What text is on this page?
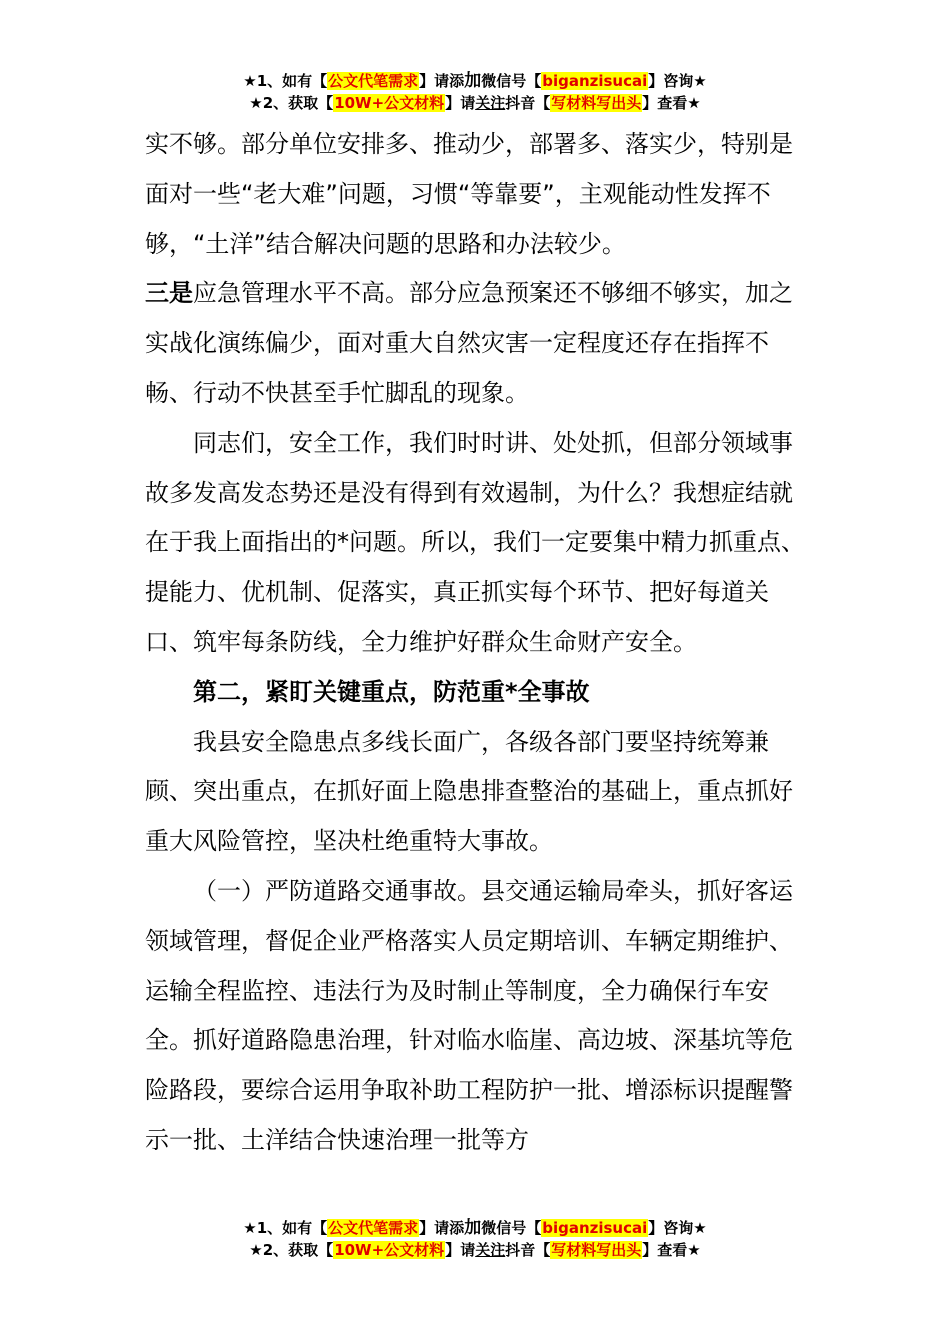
★1、如有【公文代笔需求】请添加微信号【biganzisucai】咨询★
★2、获取【10W+公文材料】请关注抖音【写材料写出头】查看★

实不够。部分单位安排多、推动少，部署多、落实少，特别是面对一些“老大难”问题，习惯“等靠要”，主观能动性发挥不够，“土洋”结合解决问题的思路和办法较少。

三是应急管理水平不高。部分应急预案还不够细不够实，加之实战化演练偏少，面对重大自然灾害一定程度还存在指挥不畅、行动不快甚至手忙脚乱的现象。

同志们，安全工作，我们时时讲、处处抓，但部分领域事故多发高发态势还是没有得到有效遏制，为什么？我想症结就在于我上面指出的*问题。所以，我们一定要集中精力抓重点、提能力、优机制、促落实，真正抓实每个环节、把好每道关口、筑牢每条防线，全力维护好群众生命财产安全。

第二，紧盯关键重点，防范重*全事故

我县安全隐患点多线长面广，各级各部门要坚持统筹兼顾、突出重点，在抓好面上隐患排查整治的基础上，重点抓好重大风险管控，坚决杜绝重特大事故。

（一）严防道路交通事故。县交通运输局牵头，抓好客运领域管理，督促企业严格落实人员定期培训、车辆定期维护、运输全程监控、违法行为及时制止等制度，全力确保行车安全。抓好道路隐患治理，针对临水临崖、高边坡、深基坑等危险路段，要综合运用争取补助工程防护一批、增添标识提醒警示一批、土洋结合快速治理一批等方

★1、如有【公文代笔需求】请添加微信号【biganzisucai】咨询★
★2、获取【10W+公文材料】请关注抖音【写材料写出头】查看★
